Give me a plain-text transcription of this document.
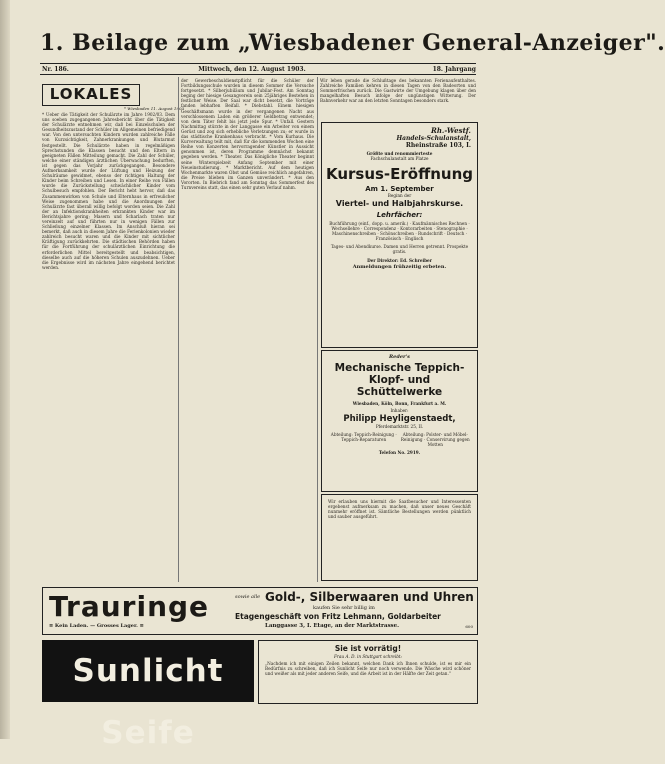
1. Beilage zum „Wiesbadener General-Anzeiger".
Nr. 186.	Mittwoch, den 12. August 1903.	18. Jahrgang
LOKALES
* Wiesbaden 11. August 1903
* Ueber die Tätigkeit der Schulärzte im Jahre 1902/03. Dem uns soeben zugegangenen Jahresbericht über die Tätigkeit der Schulärzte entnehmen wir, daß bei Einzelschulen der Gesundheitszustand der Schüler im Allgemeinen befriedigend war. Von den untersuchten Kindern wurden zahlreiche Fälle von Kurzsichtigkeit, Zahnerkrankungen und Blutarmut festgestellt. Die Schulärzte haben in regelmäßigen Sprechstunden die Klassen besucht und den Eltern in geeigneten Fällen Mitteilung gemacht. Die Zahl der Schüler, welche einer ständigen ärztlichen Überwachung bedurften, ist gegen das Vorjahr zurückgegangen. Besondere Aufmerksamkeit wurde der Lüftung und Heizung der Schulräume gewidmet, ebenso der richtigen Haltung der Kinder beim Schreiben und Lesen. In einer Reihe von Fällen wurde die Zurückstellung schwächlicher Kinder vom Schulbesuch empfohlen. Der Bericht hebt hervor, daß das Zusammenwirken von Schule und Elternhaus in erfreulicher Weise zugenommen habe und die Anordnungen der Schulärzte fast überall willig befolgt worden seien. Die Zahl der an Infektionskrankheiten erkrankten Kinder war im Berichtsjahre gering; Masern und Scharlach traten nur vereinzelt auf und führten nur in wenigen Fällen zur Schließung einzelner Klassen. Im Anschluß hieran sei bemerkt, daß auch in diesem Jahre die Ferienkolonien wieder zahlreich besucht waren und die Kinder mit sichtlicher Kräftigung zurückkehrten. Die städtischen Behörden haben für die Fortführung der schulärztlichen Einrichtung die erforderlichen Mittel bereitgestellt und beabsichtigen, dieselbe auch auf die höheren Schulen auszudehnen. Ueber die Ergebnisse wird im nächsten Jahre eingehend berichtet werden.
der Gewerbeschuldienstpflicht für die Schüler der Fortbildungsschule wurden in diesem Sommer die Versuche fortgesetzt. * Silberjubiläum und Jubilar-Fest. Am Sonntag beging der hiesige Gesangverein sein 25jähriges Bestehen in festlicher Weise. Der Saal war dicht besetzt, die Vorträge fanden lebhaften Beifall. * Diebstahl. Einem hiesigen Geschäftsmann wurde in der vergangenen Nacht aus verschlossenem Laden ein größerer Geldbetrag entwendet; von dem Täter fehlt bis jetzt jede Spur. * Unfall. Gestern Nachmittag stürzte in der Langgasse ein Arbeiter von einem Gerüst und zog sich erhebliche Verletzungen zu; er wurde in das städtische Krankenhaus verbracht. * Vom Kurhaus. Die Kurverwaltung teilt mit, daß für die kommenden Wochen eine Reihe von Konzerten hervorragender Künstler in Aussicht genommen ist, deren Programme demnächst bekannt gegeben werden. * Theater. Das Königliche Theater beginnt seine Winterspielzeit Anfang September mit einer Neueinstudierung. * Marktbericht. Auf dem heutigen Wochenmarkte waren Obst und Gemüse reichlich angefahren, die Preise blieben im Ganzen unverändert. * Aus den Vororten. In Biebrich fand am Sonntag das Sommerfest des Turnvereins statt, das einen sehr guten Verlauf nahm.
Wir leben gerade die Schlußtage des bekannten Ferienaufenthaltes. Zahlreiche Familien kehren in diesen Tagen von den Badeorten und Sommerfrischen zurück. Die Gastwirte der Umgebung klagen über den mangelhaften Besuch infolge der ungünstigen Witterung. Der Bahnverkehr war an den letzten Sonntagen besonders stark.
Rh.-Westf.
Handels-Schulanstalt,
Rheinstraße 103, I.
Größte und renommierteste
Fachschulanstalt am Platze
Kursus-Eröffnung
Am 1. September
Beginn der
Viertel- und Halbjahrskurse.
Lehrfächer:
Buchführung (einf., dopp. u. amerik.) · Kaufmännisches Rechnen · Wechsellehre · Correspondenz · Kontorarbeiten · Stenographie · Maschinenschreiben · Schönschreiben · Rundschrift · Deutsch · Französisch · Englisch
Tages- und Abendkurse. Damen und Herren getrennt. Prospekte gratis.
Der Direktor: Ed. Schreiber
Anmeldungen frühzeitig erbeten.
Reder's
Mechanische Teppich-Klopf- und Schüttelwerke
Wiesbaden, Köln, Bonn, Frankfurt a. M.
Inhaber:
Philipp Heyligenstaedt,
Pferdemarktstr. 25, II.
Abteilung: Teppich-Reinigung · Teppich-Reparaturen
Abteilung: Polster- und Möbel-Reinigung · Conservirung gegen Motten
Telefon No. 2919.
Wir erlauben uns hiermit die Saatbesucher und Interessenten ergebenst aufmerksam zu machen, daß unser neues Geschäft nunmehr eröffnet ist. Sämtliche Bestellungen werden pünktlich und sauber ausgeführt.
Trauringe
≡ Kein Laden. — Grosses Lager. ≡
sowie alle Gold-, Silberwaaren und Uhren
kaufen Sie sehr billig im
Etagengeschäft von Fritz Lehmann, Goldarbeiter
Langgasse 3, I. Etage, an der Marktstrasse.	600
Sunlicht Seife
Sie ist vorrätig!
Frau A. D. in Stuttgart schreibt:
„Nachdem ich mit einigen Zeilen bekannt, welchen Dank ich Ihnen schulde, ist es mir ein Bedürfnis zu schreiben, daß ich Sunlicht Seife nur noch verwende. Die Wäsche wird schöner und weißer als mit jeder anderen Seife, und die Arbeit ist in der Hälfte der Zeit getan."
